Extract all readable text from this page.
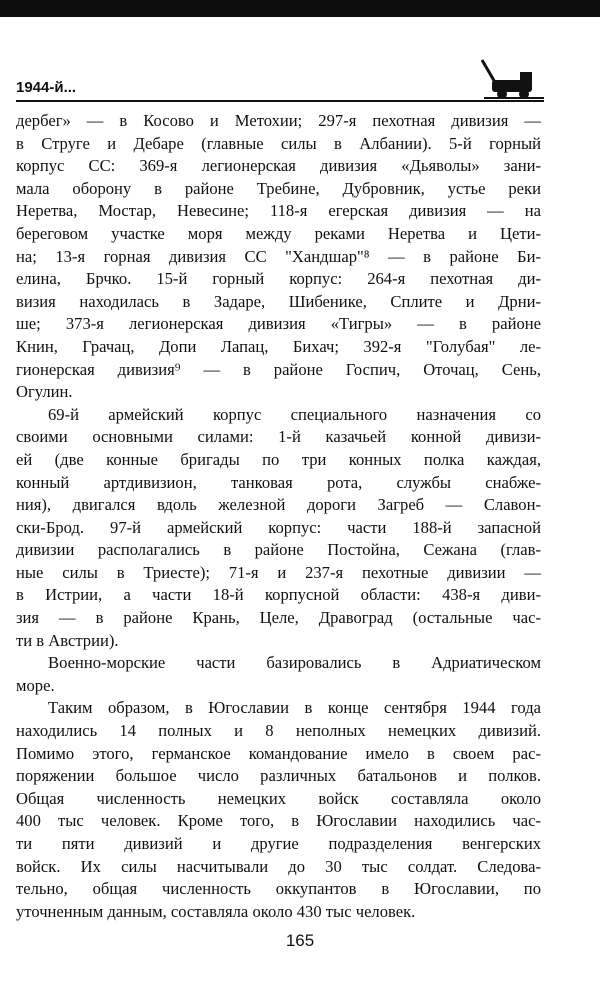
1944-й...
дербег» — в Косово и Метохии; 297-я пехотная дивизия —
в Струге и Дебаре (главные силы в Албании). 5-й горный
корпус СС: 369-я легионерская дивизия «Дьяволы» зани-
мала оборону в районе Требине, Дубровник, устье реки
Неретва, Мостар, Невесине; 118-я егерская дивизия — на
береговом участке моря между реками Неретва и Цети-
на; 13-я горная дивизия СС "Хандшар"⁸ — в районе Би-
елина, Брчко. 15-й горный корпус: 264-я пехотная ди-
визия находилась в Задаре, Шибенике, Сплите и Дрни-
ше; 373-я легионерская дивизия «Тигры» — в районе
Книн, Грачац, Допи Лапац, Бихач; 392-я "Голубая" ле-
гионерская дивизия⁹ — в районе Госпич, Оточац, Сень,
Огулин.
69-й армейский корпус специального назначения со
своими основными силами: 1-й казачьей конной дивизи-
ей (две конные бригады по три конных полка каждая,
конный артдивизион, танковая рота, службы снабже-
ния), двигался вдоль железной дороги Загреб — Славон-
ски-Брод. 97-й армейский корпус: части 188-й запасной
дивизии располагались в районе Постойна, Сежана (глав-
ные силы в Триесте); 71-я и 237-я пехотные дивизии —
в Истрии, а части 18-й корпусной области: 438-я диви-
зия — в районе Крань, Целе, Дравоград (остальные час-
ти в Австрии).
Военно-морские части базировались в Адриатическом
море.
Таким образом, в Югославии в конце сентября 1944 года
находились 14 полных и 8 неполных немецких дивизий.
Помимо этого, германское командование имело в своем рас-
поряжении большое число различных батальонов и полков.
Общая численность немецких войск составляла около
400 тыс человек. Кроме того, в Югославии находились час-
ти пяти дивизий и другие подразделения венгерских
войск. Их силы насчитывали до 30 тыс солдат. Следова-
тельно, общая численность оккупантов в Югославии, по
уточненным данным, составляла около 430 тыс человек.
165
